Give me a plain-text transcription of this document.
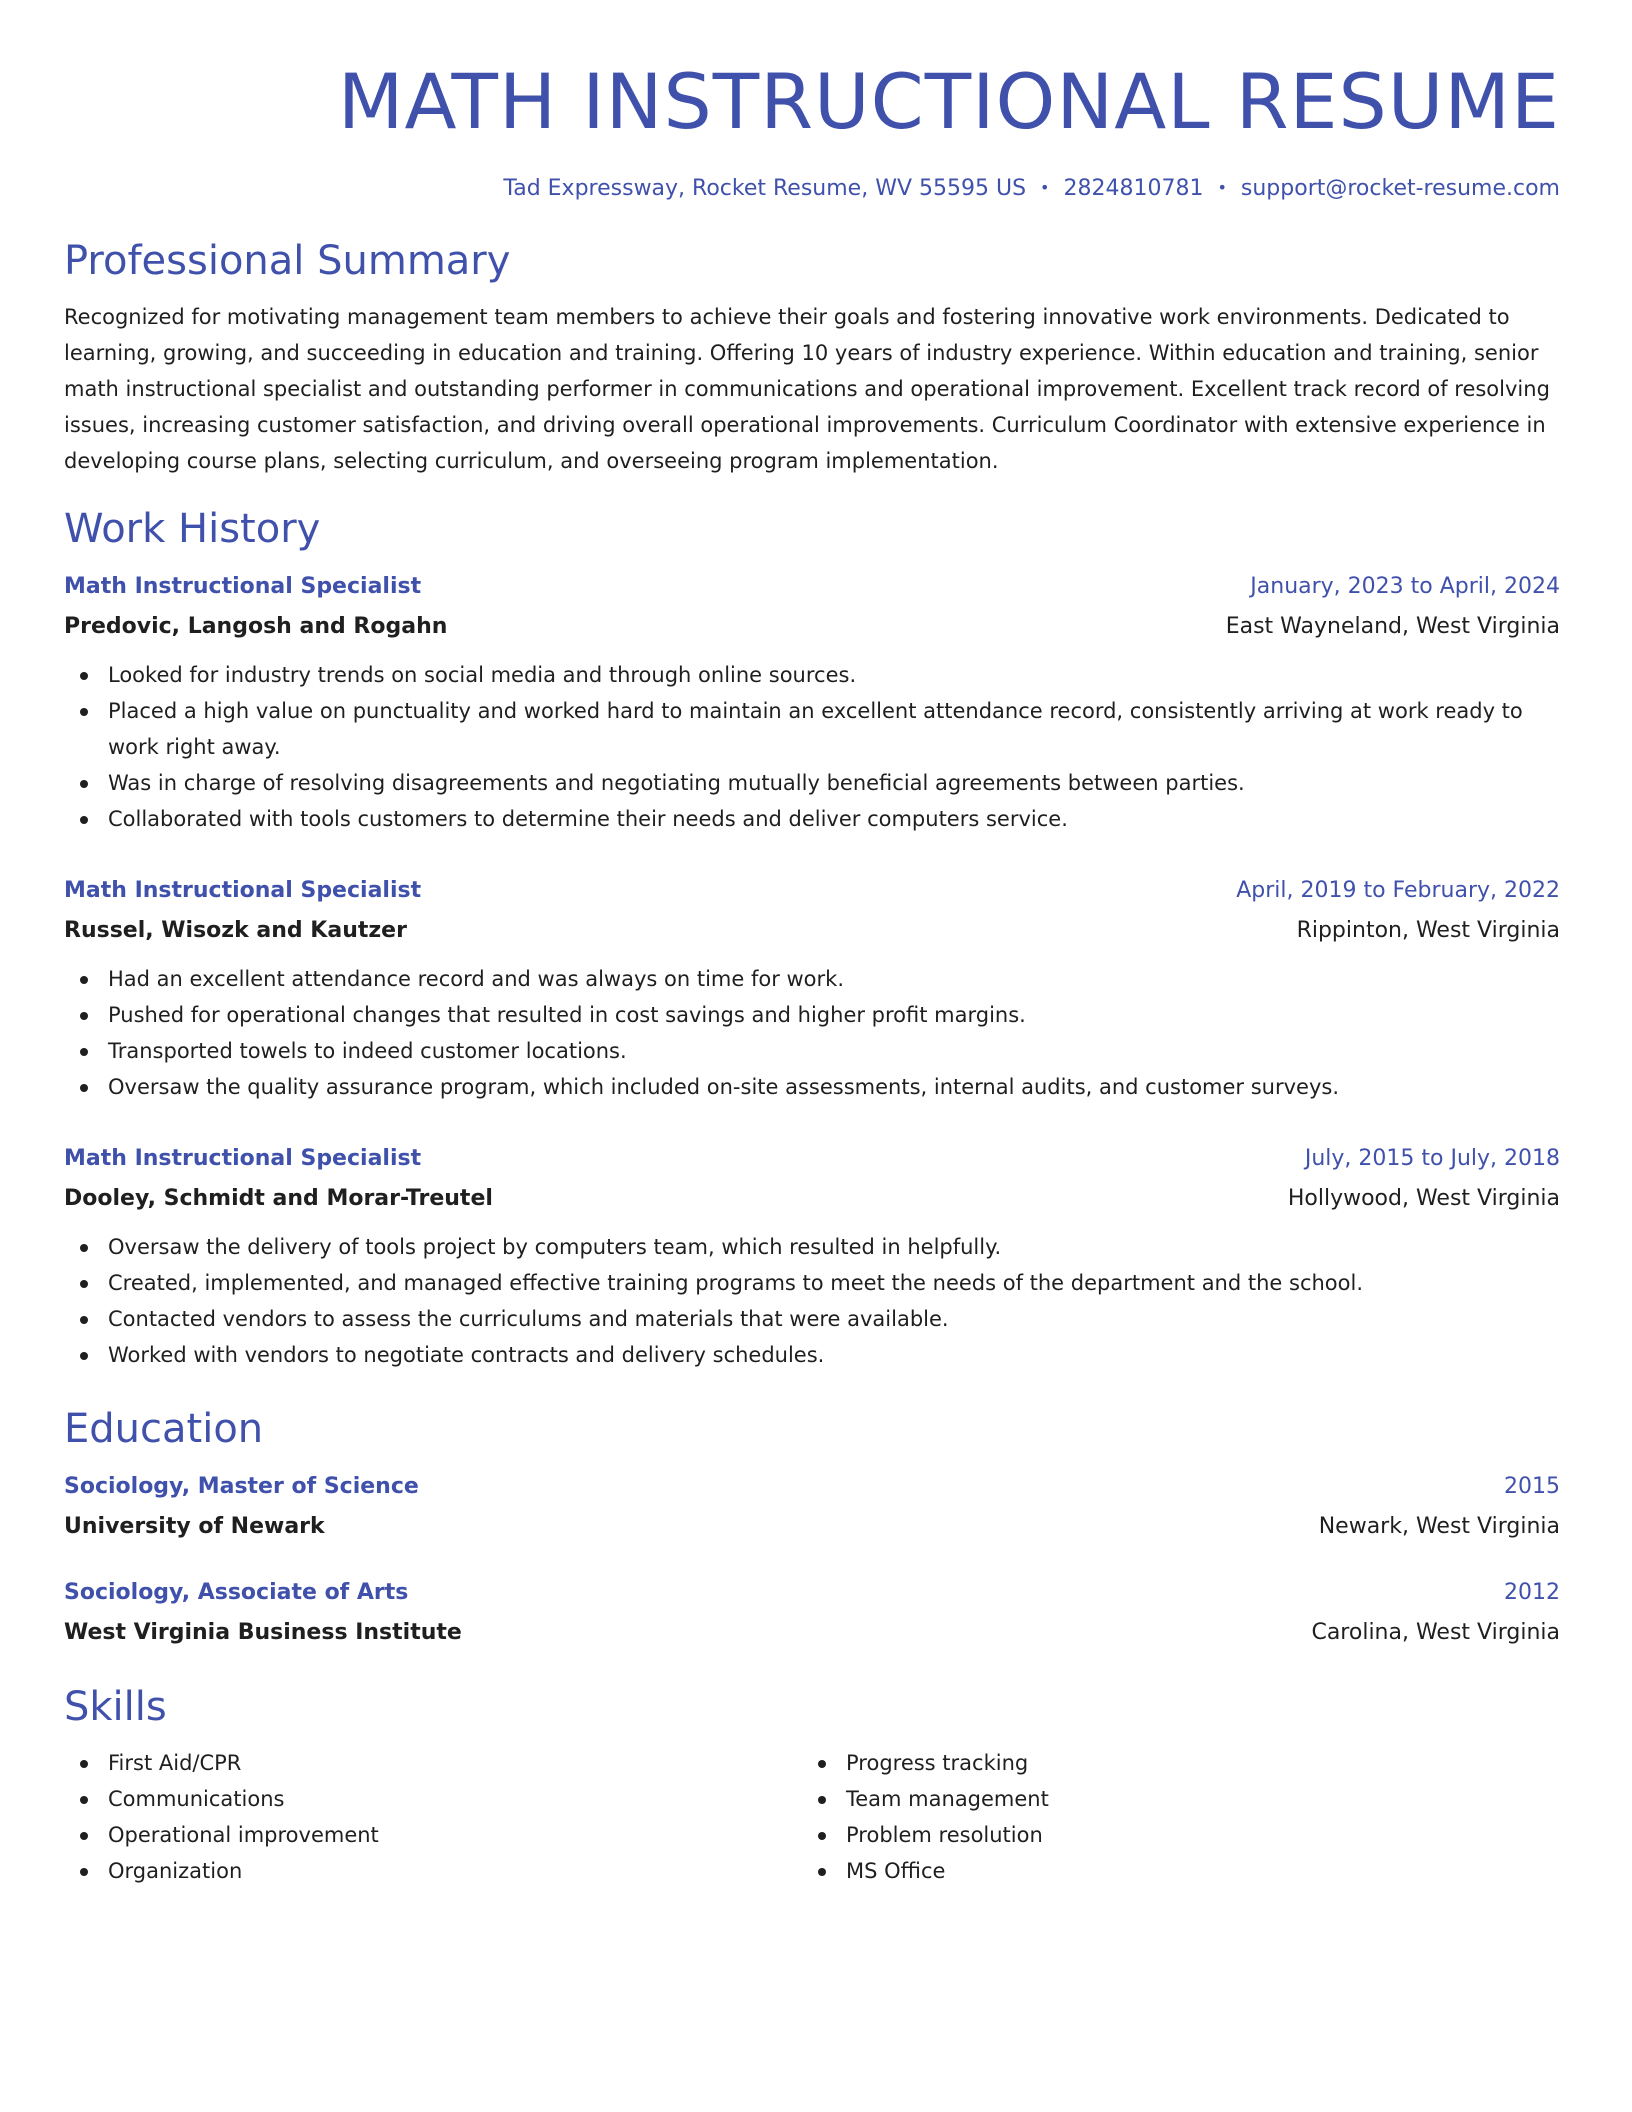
MATH INSTRUCTIONAL RESUME
Tad Expressway, Rocket Resume, WV 55595 US • 2824810781 • support@rocket-resume.com
Professional Summary
Recognized for motivating management team members to achieve their goals and fostering innovative work environments. Dedicated to learning, growing, and succeeding in education and training. Offering 10 years of industry experience. Within education and training, senior math instructional specialist and outstanding performer in communications and operational improvement. Excellent track record of resolving issues, increasing customer satisfaction, and driving overall operational improvements. Curriculum Coordinator with extensive experience in developing course plans, selecting curriculum, and overseeing program implementation.
Work History
Math Instructional Specialist	January, 2023 to April, 2024
Predovic, Langosh and Rogahn	East Wayneland, West Virginia
Looked for industry trends on social media and through online sources.
Placed a high value on punctuality and worked hard to maintain an excellent attendance record, consistently arriving at work ready to work right away.
Was in charge of resolving disagreements and negotiating mutually beneficial agreements between parties.
Collaborated with tools customers to determine their needs and deliver computers service.
Math Instructional Specialist	April, 2019 to February, 2022
Russel, Wisozk and Kautzer	Rippinton, West Virginia
Had an excellent attendance record and was always on time for work.
Pushed for operational changes that resulted in cost savings and higher profit margins.
Transported towels to indeed customer locations.
Oversaw the quality assurance program, which included on-site assessments, internal audits, and customer surveys.
Math Instructional Specialist	July, 2015 to July, 2018
Dooley, Schmidt and Morar-Treutel	Hollywood, West Virginia
Oversaw the delivery of tools project by computers team, which resulted in helpfully.
Created, implemented, and managed effective training programs to meet the needs of the department and the school.
Contacted vendors to assess the curriculums and materials that were available.
Worked with vendors to negotiate contracts and delivery schedules.
Education
Sociology, Master of Science	2015
University of Newark	Newark, West Virginia
Sociology, Associate of Arts	2012
West Virginia Business Institute	Carolina, West Virginia
Skills
First Aid/CPR
Communications
Operational improvement
Organization
Progress tracking
Team management
Problem resolution
MS Office
